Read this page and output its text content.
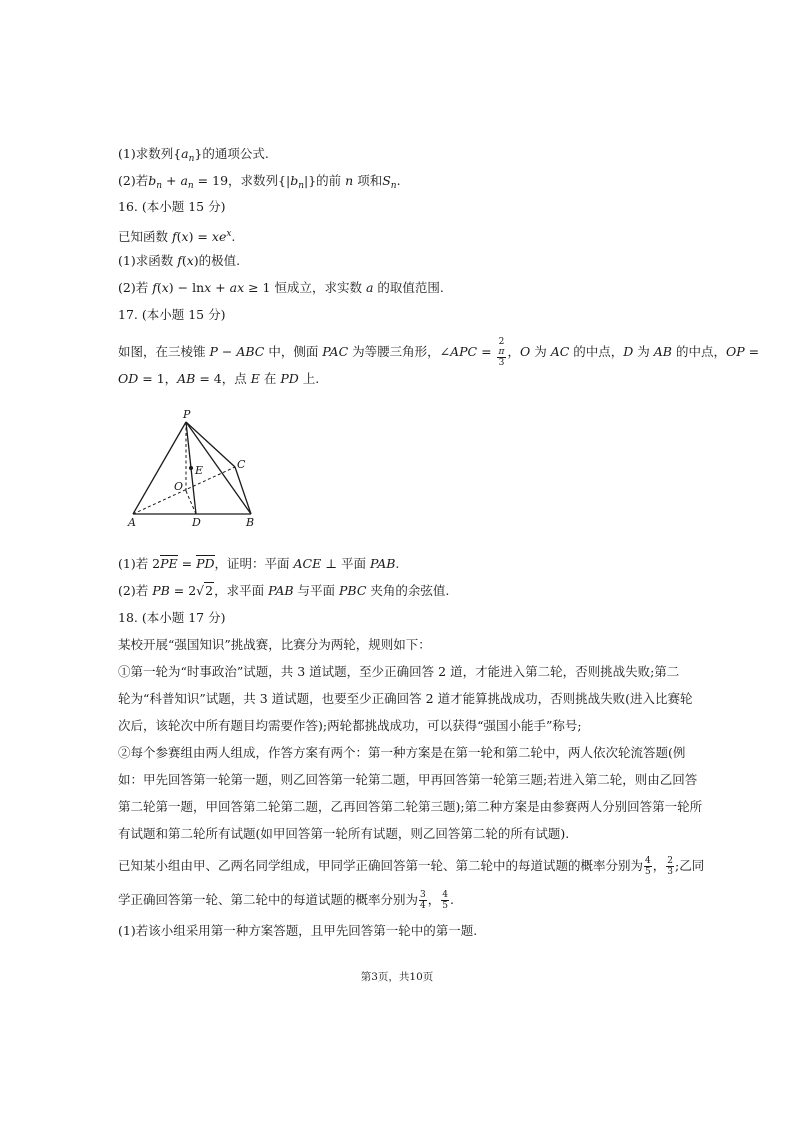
(1)求数列$\{a_n\}$的通项公式.
(2)若$b_n + a_n = 19$，求数列$\{|b_n|\}$的前 n 项和$S_n$.
16. (本小题 15 分)
已知函数 $f(x) = xe^x$.
(1)求函数 f(x)的极值.
(2)若 f(x) − lnx + ax ≥ 1 恒成立，求实数 a 的取值范围.
17. (本小题 15 分)
如图，在三棱锥 P − ABC 中，侧面 PAC 为等腰三角形，∠APC = 2
π
3 ，O 为 AC 的中点，D 为 AB 的中点，OP =
OD = 1，AB = 4，点 E 在 PD 上.
P
A	B
C
D
E
O
(1)若 2PE = PD，证明：平面 ACE ⊥ 平面 PAB.
(2)若 PB = 2√2，求平面 PAB 与平面 PBC 夹角的余弦值.
18. (本小题 17 分)
某校开展“强国知识”挑战赛，比赛分为两轮，规则如下：
①第一轮为“时事政治”试题，共 3 道试题，至少正确回答 2 道，才能进入第二轮，否则挑战失败;第二
轮为“科普知识”试题，共 3 道试题，也要至少正确回答 2 道才能算挑战成功，否则挑战失败(进入比赛轮
次后，该轮次中所有题目均需要作答);两轮都挑战成功，可以获得“强国小能手”称号;
②每个参赛组由两人组成，作答方案有两个：第一种方案是在第一轮和第二轮中，两人依次轮流答题(例
如：甲先回答第一轮第一题，则乙回答第一轮第二题，甲再回答第一轮第三题;若进入第二轮，则由乙回答
第二轮第一题，甲回答第二轮第二题，乙再回答第二轮第三题);第二种方案是由参赛两人分别回答第一轮所
有试题和第二轮所有试题(如甲回答第一轮所有试题，则乙回答第二轮的所有试题).
已知某小组由甲、乙两名同学组成，甲同学正确回答第一轮、第二轮中的每道试题的概率分别为 $\frac{4}{5}$ ， $\frac{2}{3}$ ;乙同
学正确回答第一轮、第二轮中的每道试题的概率分别为 $\frac{3}{4}$ ， $\frac{4}{5}$ .
(1)若该小组采用第一种方案答题，且甲先回答第一轮中的第一题.
第3页，共10页
